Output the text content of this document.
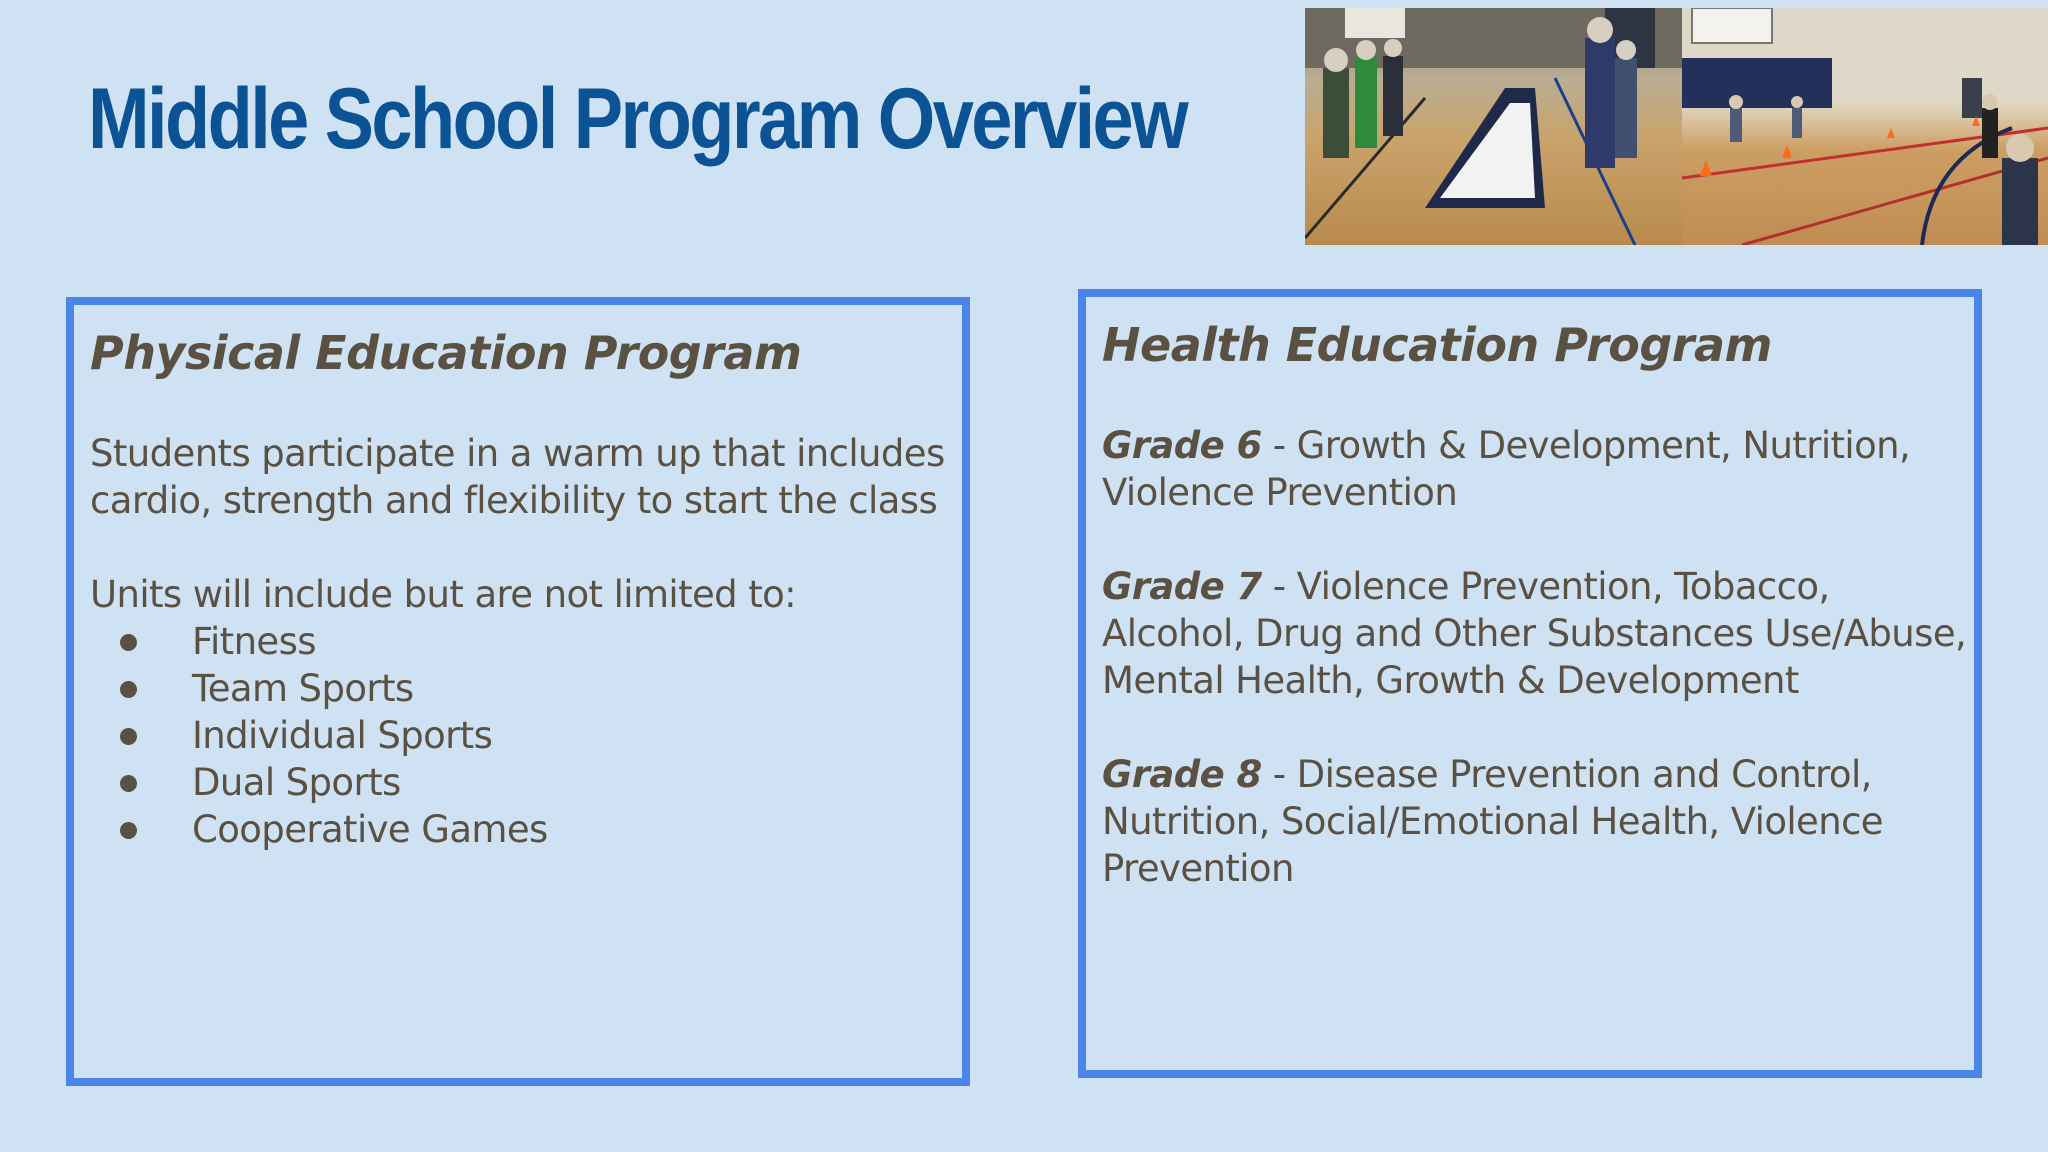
Middle School Program Overview
Physical Education Program

Students participate in a warm up that includes cardio, strength and flexibility to start the class

Units will include but are not limited to:

Fitness
Team Sports
Individual Sports
Dual Sports
Cooperative Games
Health Education Program

Grade 6 - Growth & Development, Nutrition, Violence Prevention

Grade 7 - Violence Prevention, Tobacco, Alcohol, Drug and Other Substances Use/Abuse, Mental Health, Growth & Development

Grade 8 - Disease Prevention and Control, Nutrition, Social/Emotional Health, Violence Prevention
